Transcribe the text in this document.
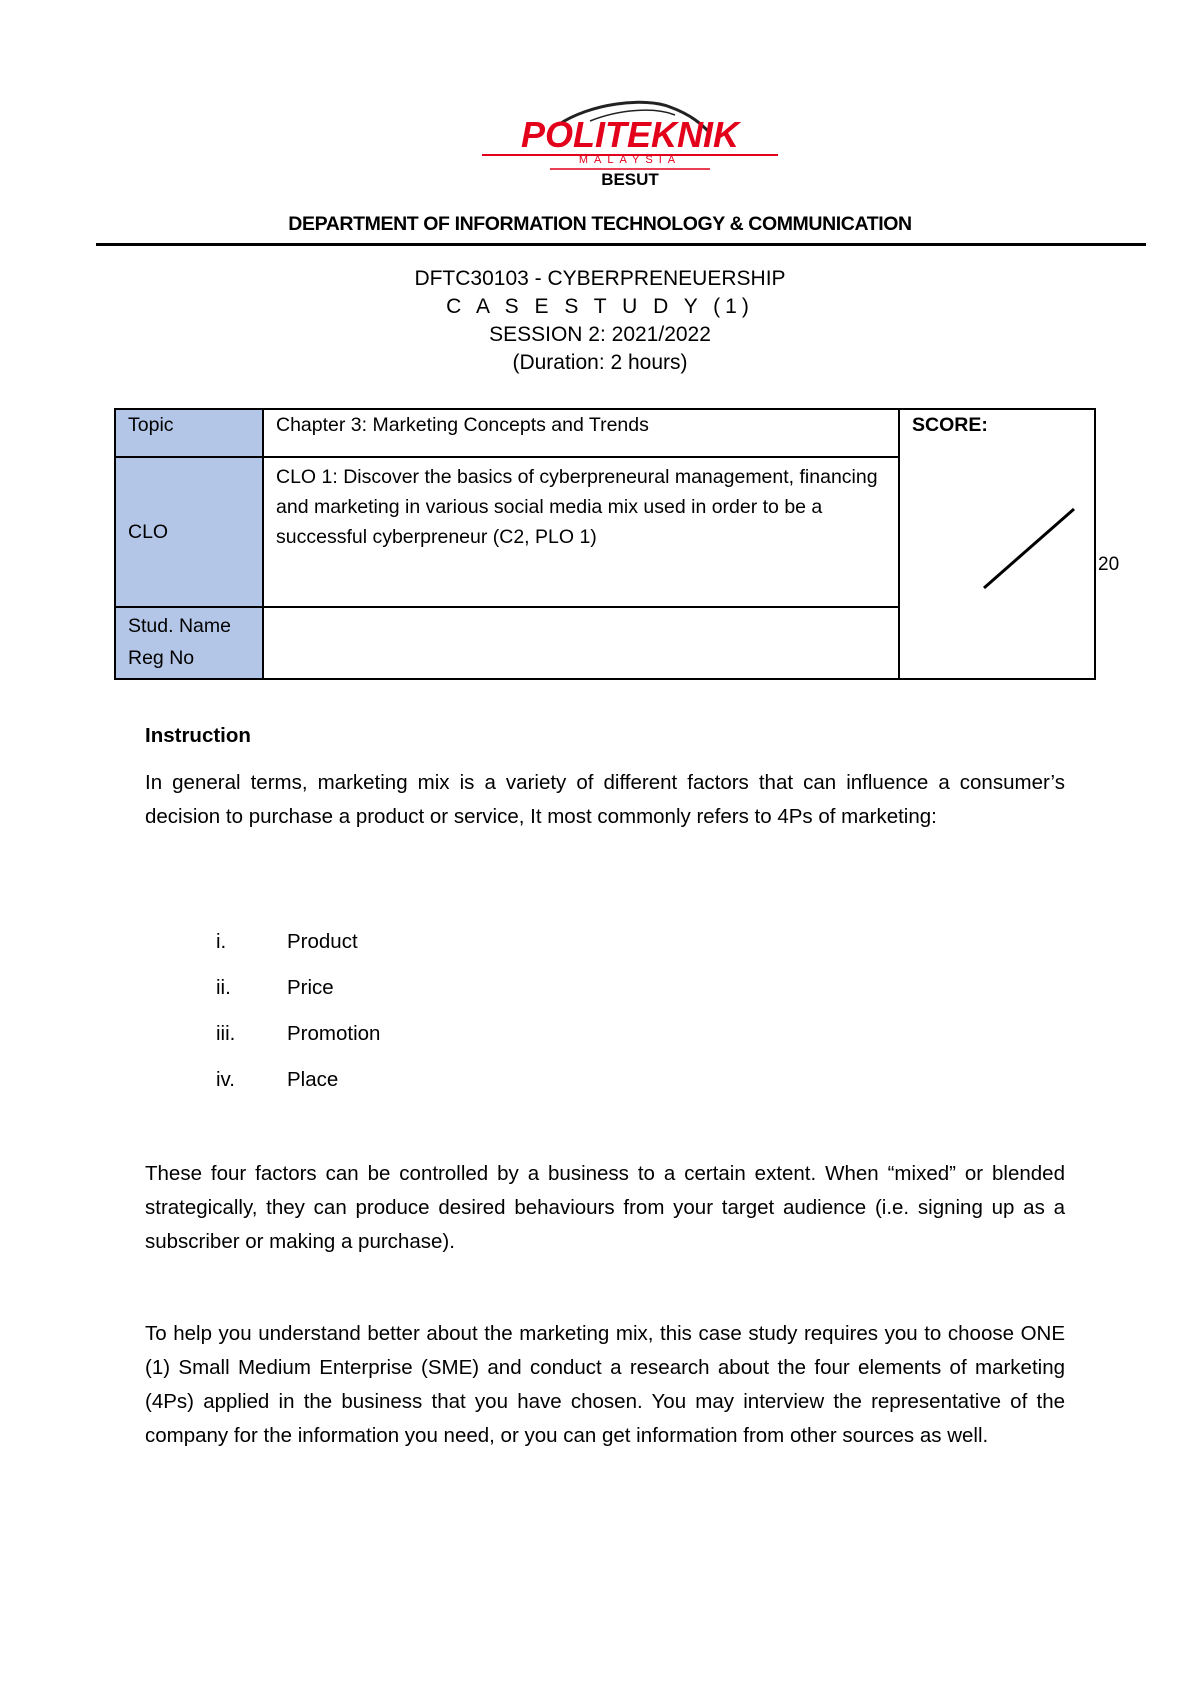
POLITEKNIK
MALAYSIA
BESUT
DEPARTMENT OF INFORMATION TECHNOLOGY & COMMUNICATION
DFTC30103 - CYBERPRENEUERSHIP
C A S E S T U D Y (1)
SESSION 2: 2021/2022
(Duration: 2 hours)
Topic	Chapter 3: Marketing Concepts and Trends	SCORE:
20

CLO	CLO 1: Discover the basics of cyberpreneural management, financing and marketing in various social media mix used in order to be a successful cyberpreneur (C2, PLO 1)	

Stud. Name
Reg No		

Instruction
In general terms, marketing mix is a variety of different factors that can influence a consumer’s decision to purchase a product or service, It most commonly refers to 4Ps of marketing:
i.	Product
ii.	Price
iii.	Promotion
iv.	Place
These four factors can be controlled by a business to a certain extent. When “mixed” or blended strategically, they can produce desired behaviours from your target audience (i.e. signing up as a subscriber or making a purchase).
To help you understand better about the marketing mix, this case study requires you to choose ONE (1) Small Medium Enterprise (SME) and conduct a research about the four elements of marketing (4Ps) applied in the business that you have chosen. You may interview the representative of the company for the information you need, or you can get information from other sources as well.
